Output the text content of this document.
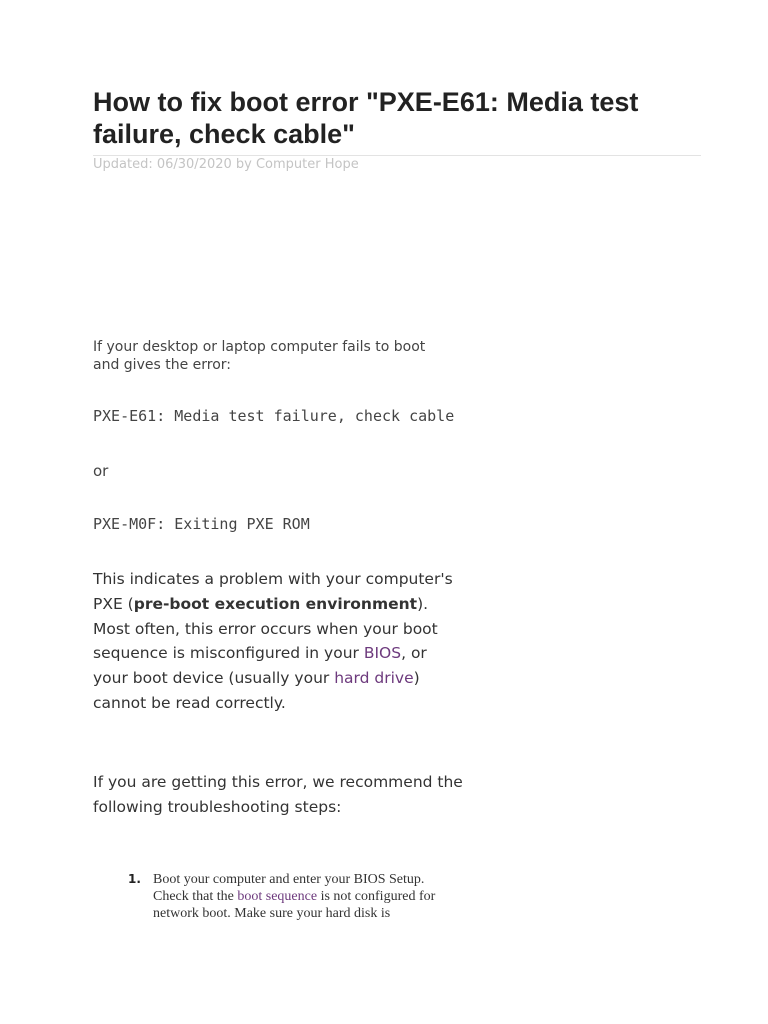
How to fix boot error "PXE-E61: Media test failure, check cable"
Updated: 06/30/2020 by Computer Hope

If your desktop or laptop computer fails to boot and gives the error:

PXE-E61: Media test failure, check cable

or

PXE-M0F: Exiting PXE ROM

This indicates a problem with your computer's PXE (pre-boot execution environment). Most often, this error occurs when your boot sequence is misconfigured in your BIOS, or your boot device (usually your hard drive) cannot be read correctly.

If you are getting this error, we recommend the following troubleshooting steps:

1. Boot your computer and enter your BIOS Setup. Check that the boot sequence is not configured for network boot. Make sure your hard disk is
